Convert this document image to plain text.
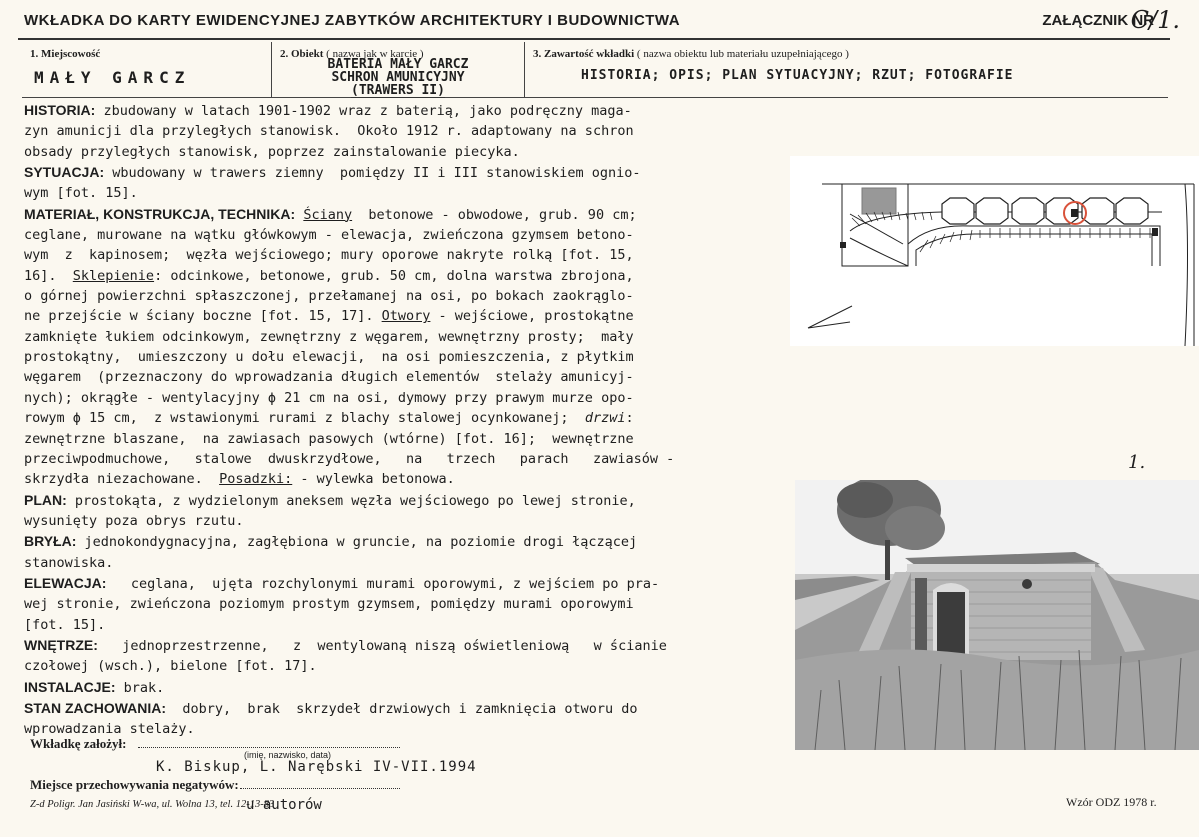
WKŁADKA DO KARTY EWIDENCYJNEJ ZABYTKÓW ARCHITEKTURY I BUDOWNICTWA	ZAŁĄCZNIK NR
C/1.
1. Miejscowość
MAŁY GARCZ
2. Obiekt ( nazwa jak w karcie )
BATERIA MAŁY GARCZ
SCHRON AMUNICYJNY
(TRAWERS II)
3. Zawartość wkładki ( nazwa obiektu lub materiału uzupełniającego )
HISTORIA; OPIS; PLAN SYTUACYJNY; RZUT; FOTOGRAFIE

HISTORIA: zbudowany w latach 1901-1902 wraz z baterią, jako podręczny maga-

zyn amunicji dla przyległych stanowisk.  Około 1912 r. adaptowany na schron

obsady przyległych stanowisk, poprzez zainstalowanie piecyka.

SYTUACJA: wbudowany w trawers ziemny  pomiędzy II i III stanowiskiem ognio-

wym [fot. 15].

MATERIAŁ, KONSTRUKCJA, TECHNIKA: Ściany  betonowe - obwodowe, grub. 90 cm;

ceglane, murowane na wątku główkowym - elewacja, zwieńczona gzymsem betono-

wym  z  kapinosem;  węzła wejściowego; mury oporowe nakryte rolką [fot. 15,

16].  Sklepienie: odcinkowe, betonowe, grub. 50 cm, dolna warstwa zbrojona,

o górnej powierzchni spłaszczonej, przełamanej na osi, po bokach zaokrąglo-

ne przejście w ściany boczne [fot. 15, 17]. Otwory - wejściowe, prostokątne

zamknięte łukiem odcinkowym, zewnętrzny z węgarem, wewnętrzny prosty;  mały

prostokątny,  umieszczony u dołu elewacji,  na osi pomieszczenia, z płytkim

węgarem  (przeznaczony do wprowadzania długich elementów  stelaży amunicyj-

nych); okrągłe - wentylacyjny ϕ 21 cm na osi, dymowy przy prawym murze opo-

rowym ϕ 15 cm,  z wstawionymi rurami z blachy stalowej ocynkowanej;  drzwi:

zewnętrzne blaszane,  na zawiasach pasowych (wtórne) [fot. 16];  wewnętrzne

przeciwpodmuchowe,   stalowe  dwuskrzydłowe,   na   trzech   parach   zawiasów -

skrzydła niezachowane.  Posadzki: - wylewka betonowa.

PLAN: prostokąta, z wydzielonym aneksem węzła wejściowego po lewej stronie,

wysunięty poza obrys rzutu.

BRYŁA: jednokondygnacyjna, zagłębiona w gruncie, na poziomie drogi łączącej

stanowiska.

ELEWACJA:   ceglana,  ujęta rozchylonymi murami oporowymi, z wejściem po pra-

wej stronie, zwieńczona poziomym prostym gzymsem, pomiędzy murami oporowymi

[fot. 15].

WNĘTRZE:   jednoprzestrzenne,   z  wentylowaną niszą oświetleniową   w ścianie

czołowej (wsch.), bielone [fot. 17].

INSTALACJE: brak.

STAN ZACHOWANIA:  dobry,  brak  skrzydeł drzwiowych i zamknięcia otworu do

wprowadzania stelaży.

1.
Wkładkę założył:
(imię, nazwisko, data)
K. Biskup, L. Narębski IV-VII.1994
Miejsce przechowywania negatywów:
Z-d Poligr. Jan Jasiński W-wa, ul. Wolna 13, tel. 12-13-83
u autorów	Wzór ODZ 1978 r.
